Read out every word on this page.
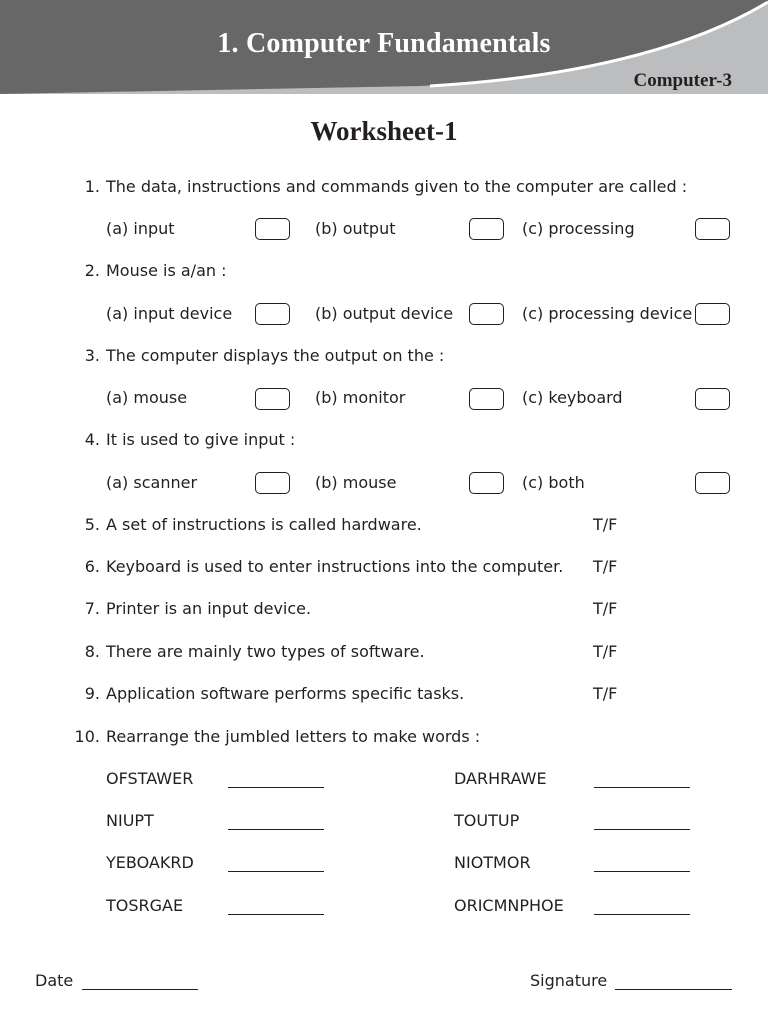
1. Computer Fundamentals
Computer-3
Worksheet-1
1. The data, instructions and commands given to the computer are called :
(a) input	(b) output	(c) processing
2. Mouse is a/an :
(a) input device	(b) output device	(c) processing device
3. The computer displays the output on the :
(a) mouse	(b) monitor	(c) keyboard
4. It is used to give input :
(a) scanner	(b) mouse	(c) both
5. A set of instructions is called hardware.	T/F
6. Keyboard is used to enter instructions into the computer. T/F
7. Printer is an input device.	T/F
8. There are mainly two types of software.	T/F
9. Application software performs specific tasks.	T/F
10. Rearrange the jumbled letters to make words :
OFSTAWER	DARHRAWE
NIUPT	TOUTUP
YEBOAKRD	NIOTMOR
TOSRGAE	ORICMNPHOE
Date	Signature
